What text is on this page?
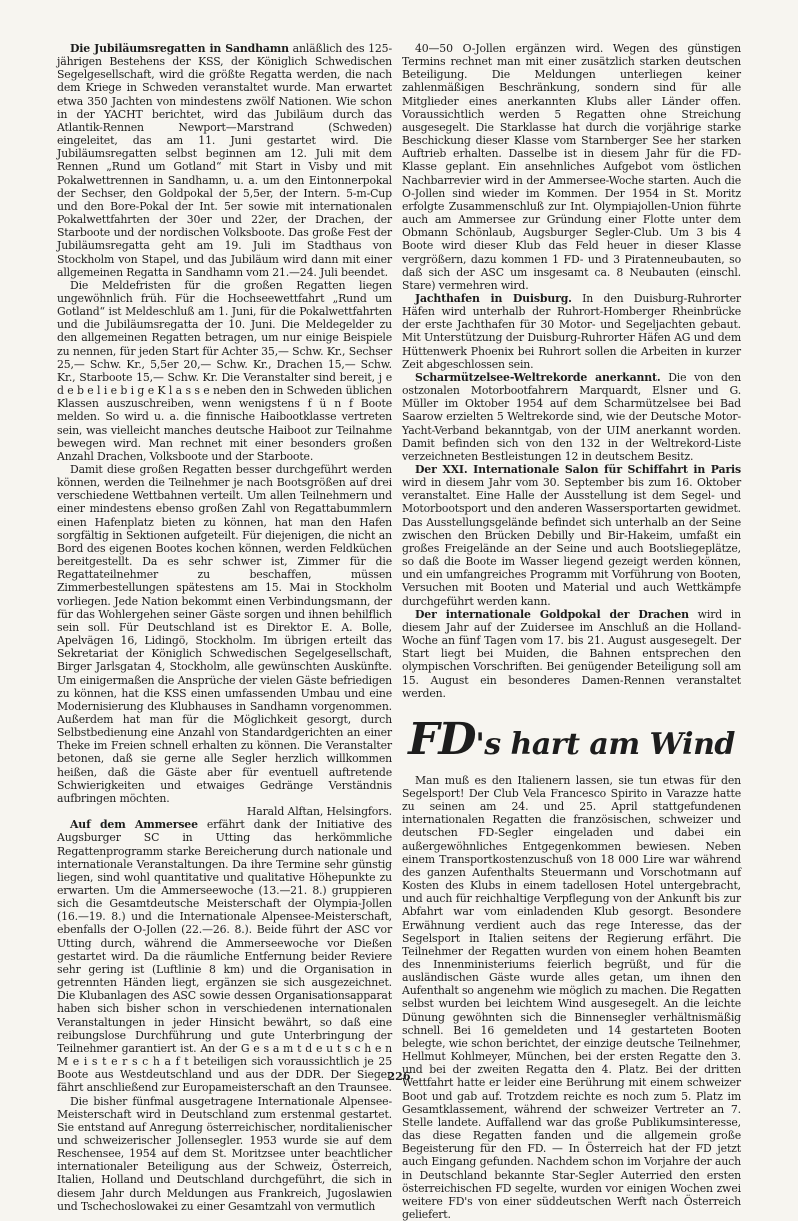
Die Jubiläumsregatten in Sandhamn anläßlich des 125-jährigen Bestehens der KSS, der Königlich Schwedischen Segelgesellschaft, wird die größte Regatta werden, die nach dem Kriege in Schweden veranstaltet wurde. Man erwartet etwa 350 Jachten von mindestens zwölf Nationen. Wie schon in der YACHT berichtet, wird das Jubiläum durch das Atlantik-Rennen Newport—Marstrand (Schweden) eingeleitet, das am 11. Juni gestartet wird. Die Jubiläumsregatten selbst beginnen am 12. Juli mit dem Rennen „Rund um Gotland“ mit Start in Visby und mit Pokalwettrennen in Sandhamn, u. a. um den Eintonnerpokal der Sechser, den Goldpokal der 5,5er, der Intern. 5-m-Cup und den Bore-Pokal der Int. 5er sowie mit internationalen Pokalwettfahrten der 30er und 22er, der Drachen, der Starboote und der nordischen Volksboote. Das große Fest der Jubiläumsregatta geht am 19. Juli im Stadthaus von Stockholm von Stapel, und das Jubiläum wird dann mit einer allgemeinen Regatta in Sandhamn vom 21.—24. Juli beendet.

Die Meldefristen für die großen Regatten liegen ungewöhnlich früh. Für die Hochseewettfahrt „Rund um Gotland“ ist Meldeschluß am 1. Juni, für die Pokalwettfahrten und die Jubiläumsregatta der 10. Juni. Die Meldegelder zu den allgemeinen Regatten betragen, um nur einige Beispiele zu nennen, für jeden Start für Achter 35,— Schw. Kr., Sechser 25,— Schw. Kr., 5,5er 20,— Schw. Kr., Drachen 15,— Schw. Kr., Starboote 15,— Schw. Kr. Die Veranstalter sind bereit, j e d e b e l i e b i g e K l a s s e neben den in Schweden üblichen Klassen auszuschreiben, wenn wenigstens f ü n f Boote melden. So wird u. a. die finnische Haibootklasse vertreten sein, was vielleicht manches deutsche Haiboot zur Teilnahme bewegen wird. Man rechnet mit einer besonders großen Anzahl Drachen, Volksboote und der Starboote.

Damit diese großen Regatten besser durchgeführt werden können, werden die Teilnehmer je nach Bootsgrößen auf drei verschiedene Wettbahnen verteilt. Um allen Teilnehmern und einer mindestens ebenso großen Zahl von Regattabummlern einen Hafenplatz bieten zu können, hat man den Hafen sorgfältig in Sektionen aufgeteilt. Für diejenigen, die nicht an Bord des eigenen Bootes kochen können, werden Feldküchen bereitgestellt. Da es sehr schwer ist, Zimmer für die Regattateilnehmer zu beschaffen, müssen Zimmerbestellungen spätestens am 15. Mai in Stockholm vorliegen. Jede Nation bekommt einen Verbindungsmann, der für das Wohlergehen seiner Gäste sorgen und ihnen behilflich sein soll. Für Deutschland ist es Direktor E. A. Bolle, Apelvägen 16, Lidingö, Stockholm. Im übrigen erteilt das Sekretariat der Königlich Schwedischen Segelgesellschaft, Birger Jarlsgatan 4, Stockholm, alle gewünschten Auskünfte. Um einigermaßen die Ansprüche der vielen Gäste befriedigen zu können, hat die KSS einen umfassenden Umbau und eine Modernisierung des Klubhauses in Sandhamn vorgenommen. Außerdem hat man für die Möglichkeit gesorgt, durch Selbstbedienung eine Anzahl von Standardgerichten an einer Theke im Freien schnell erhalten zu können. Die Veranstalter betonen, daß sie gerne alle Segler herzlich willkommen heißen, daß die Gäste aber für eventuell auftretende Schwierigkeiten und etwaiges Gedränge Verständnis aufbringen möchten.

Harald Alftan, Helsingfors.

Auf dem Ammersee erfährt dank der Initiative des Augsburger SC in Utting das herkömmliche Regattenprogramm starke Bereicherung durch nationale und internationale Veranstaltungen. Da ihre Termine sehr günstig liegen, sind wohl quantitative und qualitative Höhepunkte zu erwarten. Um die Ammerseewoche (13.—21. 8.) gruppieren sich die Gesamtdeutsche Meisterschaft der Olympia-Jollen (16.—19. 8.) und die Internationale Alpensee-Meisterschaft, ebenfalls der O-Jollen (22.—26. 8.). Beide führt der ASC vor Utting durch, während die Ammerseewoche vor Dießen gestartet wird. Da die räumliche Entfernung beider Reviere sehr gering ist (Luftlinie 8 km) und die Organisation in getrennten Händen liegt, ergänzen sie sich ausgezeichnet. Die Klubanlagen des ASC sowie dessen Organisationsapparat haben sich bisher schon in verschiedenen internationalen Veranstaltungen in jeder Hinsicht bewährt, so daß eine reibungslose Durchführung und gute Unterbringung der Teilnehmer garantiert ist. An der G e s a m t d e u t s c h e n M e i s t e r s c h a f t beteiligen sich voraussichtlich je 25 Boote aus Westdeutschland und aus der DDR. Der Sieger fährt anschließend zur Europameisterschaft an den Traunsee.

Die bisher fünfmal ausgetragene Internationale Alpensee-Meisterschaft wird in Deutschland zum erstenmal gestartet. Sie entstand auf Anregung österreichischer, norditalienischer und schweizerischer Jollensegler. 1953 wurde sie auf dem Reschensee, 1954 auf dem St. Moritzsee unter beachtlicher internationaler Beteiligung aus der Schweiz, Österreich, Italien, Holland und Deutschland durchgeführt, die sich in diesem Jahr durch Meldungen aus Frankreich, Jugoslawien und Tschechoslowakei zu einer Gesamtzahl von vermutlich

40—50 O-Jollen ergänzen wird. Wegen des günstigen Termins rechnet man mit einer zusätzlich starken deutschen Beteiligung. Die Meldungen unterliegen keiner zahlenmäßigen Beschränkung, sondern sind für alle Mitglieder eines anerkannten Klubs aller Länder offen. Voraussichtlich werden 5 Regatten ohne Streichung ausgesegelt. Die Starklasse hat durch die vorjährige starke Beschickung dieser Klasse vom Starnberger See her starken Auftrieb erhalten. Dasselbe ist in diesem Jahr für die FD-Klasse geplant. Ein ansehnliches Aufgebot vom östlichen Nachbarrevier wird in der Ammersee-Woche starten. Auch die O-Jollen sind wieder im Kommen. Der 1954 in St. Moritz erfolgte Zusammenschluß zur Int. Olympiajollen-Union führte auch am Ammersee zur Gründung einer Flotte unter dem Obmann Schönlaub, Augsburger Segler-Club. Um 3 bis 4 Boote wird dieser Klub das Feld heuer in dieser Klasse vergrößern, dazu kommen 1 FD- und 3 Piratenneubauten, so daß sich der ASC um insgesamt ca. 8 Neubauten (einschl. Stare) vermehren wird.

Jachthafen in Duisburg. In den Duisburg-Ruhrorter Häfen wird unterhalb der Ruhrort-Homberger Rheinbrücke der erste Jachthafen für 30 Motor- und Segeljachten gebaut. Mit Unterstützung der Duisburg-Ruhrorter Häfen AG und dem Hüttenwerk Phoenix bei Ruhrort sollen die Arbeiten in kurzer Zeit abgeschlossen sein.

Scharmützelsee-Weltrekorde anerkannt. Die von den ostzonalen Motorbootfahrern Marquardt, Elsner und G. Müller im Oktober 1954 auf dem Scharmützelsee bei Bad Saarow erzielten 5 Weltrekorde sind, wie der Deutsche Motor-Yacht-Verband bekanntgab, von der UIM anerkannt worden. Damit befinden sich von den 132 in der Weltrekord-Liste verzeichneten Bestleistungen 12 in deutschem Besitz.

Der XXI. Internationale Salon für Schiffahrt in Paris wird in diesem Jahr vom 30. September bis zum 16. Oktober veranstaltet. Eine Halle der Ausstellung ist dem Segel- und Motorbootsport und den anderen Wassersportarten gewidmet. Das Ausstellungsgelände befindet sich unterhalb an der Seine zwischen den Brücken Debilly und Bir-Hakeim, umfaßt ein großes Freigelände an der Seine und auch Bootsliegeplätze, so daß die Boote im Wasser liegend gezeigt werden können, und ein umfangreiches Programm mit Vorführung von Booten, Versuchen mit Booten und Material und auch Wettkämpfe durchgeführt werden kann.

Der internationale Goldpokal der Drachen wird in diesem Jahr auf der Zuidersee im Anschluß an die Holland-Woche an fünf Tagen vom 17. bis 21. August ausgesegelt. Der Start liegt bei Muiden, die Bahnen entsprechen den olympischen Vorschriften. Bei genügender Beteiligung soll am 15. August ein besonderes Damen-Rennen veranstaltet werden.

FD's hart am Wind

Man muß es den Italienern lassen, sie tun etwas für den Segelsport! Der Club Vela Francesco Spirito in Varazze hatte zu seinen am 24. und 25. April stattgefundenen internationalen Regatten die französischen, schweizer und deutschen FD-Segler eingeladen und dabei ein außergewöhnliches Entgegenkommen bewiesen. Neben einem Transportkostenzuschuß von 18 000 Lire war während des ganzen Aufenthalts Steuermann und Vorschotmann auf Kosten des Klubs in einem tadellosen Hotel untergebracht, und auch für reichhaltige Verpflegung von der Ankunft bis zur Abfahrt war vom einladenden Klub gesorgt. Besondere Erwähnung verdient auch das rege Interesse, das der Segelsport in Italien seitens der Regierung erfährt. Die Teilnehmer der Regatten wurden von einem hohen Beamten des Innenministeriums feierlich begrüßt, und für die ausländischen Gäste wurde alles getan, um ihnen den Aufenthalt so angenehm wie möglich zu machen. Die Regatten selbst wurden bei leichtem Wind ausgesegelt. An die leichte Dünung gewöhnten sich die Binnensegler verhältnismäßig schnell. Bei 16 gemeldeten und 14 gestarteten Booten belegte, wie schon berichtet, der einzige deutsche Teilnehmer, Hellmut Kohlmeyer, München, bei der ersten Regatte den 3. und bei der zweiten Regatta den 4. Platz. Bei der dritten Wettfahrt hatte er leider eine Berührung mit einem schweizer Boot und gab auf. Trotzdem reichte es noch zum 5. Platz im Gesamtklassement, während der schweizer Vertreter an 7. Stelle landete. Auffallend war das große Publikumsinteresse, das diese Regatten fanden und die allgemein große Begeisterung für den FD. — In Österreich hat der FD jetzt auch Eingang gefunden. Nachdem schon im Vorjahre der auch in Deutschland bekannte Star-Segler Auterried den ersten österreichischen FD segelte, wurden vor einigen Wochen zwei weitere FD's von einer süddeutschen Werft nach Österreich geliefert.

226
